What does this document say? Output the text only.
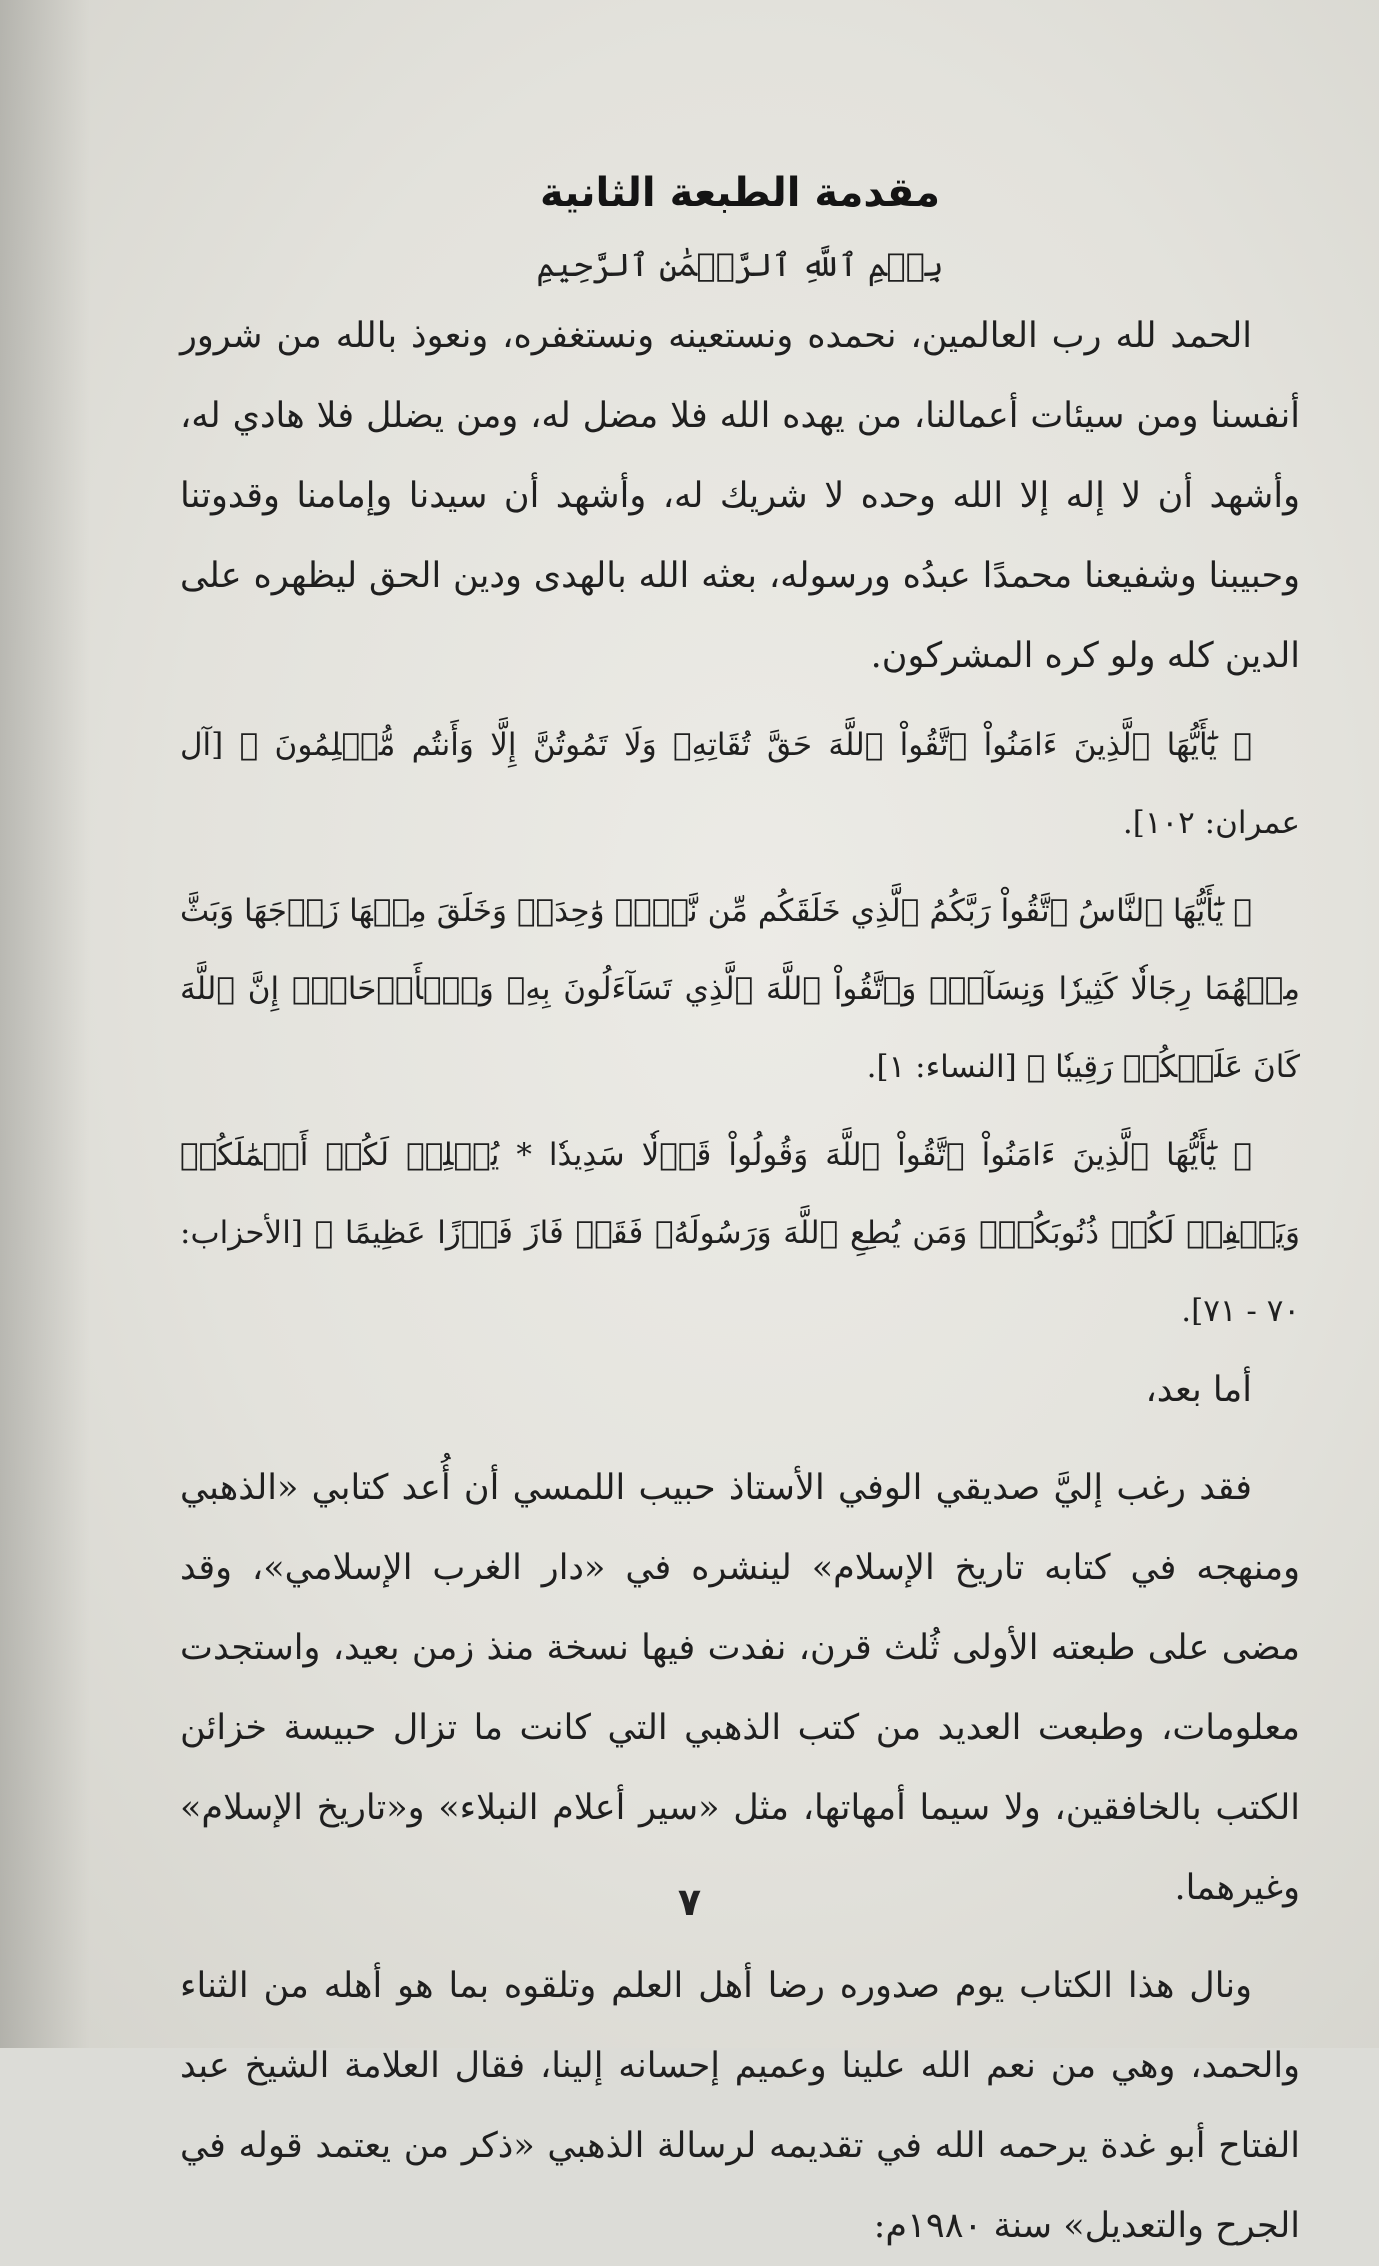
مقدمة الطبعة الثانية
بِسۡمِ ٱللَّهِ ٱلرَّحۡمَٰنِ ٱلرَّحِيمِ

الحمد لله رب العالمين، نحمده ونستعينه ونستغفره، ونعوذ بالله من شرور أنفسنا ومن سيئات أعمالنا، من يهده الله فلا مضل له، ومن يضلل فلا هادي له، وأشهد أن لا إله إلا الله وحده لا شريك له، وأشهد أن سيدنا وإمامنا وقدوتنا وحبيبنا وشفيعنا محمدًا عبدُه ورسوله، بعثه الله بالهدى ودين الحق ليظهره على الدين كله ولو كره المشركون.

﴿ يَٰٓأَيُّهَا ٱلَّذِينَ ءَامَنُواْ ٱتَّقُواْ ٱللَّهَ حَقَّ تُقَاتِهِۦ وَلَا تَمُوتُنَّ إِلَّا وَأَنتُم مُّسۡلِمُونَ ﴾ [آل عمران: ١٠٢].

﴿ يَٰٓأَيُّهَا ٱلنَّاسُ ٱتَّقُواْ رَبَّكُمُ ٱلَّذِي خَلَقَكُم مِّن نَّفۡسٖ وَٰحِدَةٖ وَخَلَقَ مِنۡهَا زَوۡجَهَا وَبَثَّ مِنۡهُمَا رِجَالٗا كَثِيرٗا وَنِسَآءٗۚ وَٱتَّقُواْ ٱللَّهَ ٱلَّذِي تَسَآءَلُونَ بِهِۦ وَٱلۡأَرۡحَامَۚ إِنَّ ٱللَّهَ كَانَ عَلَيۡكُمۡ رَقِيبٗا ﴾ [النساء: ١].

﴿ يَٰٓأَيُّهَا ٱلَّذِينَ ءَامَنُواْ ٱتَّقُواْ ٱللَّهَ وَقُولُواْ قَوۡلٗا سَدِيدٗا * يُصۡلِحۡ لَكُمۡ أَعۡمَٰلَكُمۡ وَيَغۡفِرۡ لَكُمۡ ذُنُوبَكُمۡۗ وَمَن يُطِعِ ٱللَّهَ وَرَسُولَهُۥ فَقَدۡ فَازَ فَوۡزًا عَظِيمًا ﴾ [الأحزاب: ٧٠ - ٧١].

أما بعد،

فقد رغب إليَّ صديقي الوفي الأستاذ حبيب اللمسي أن أُعد كتابي «الذهبي ومنهجه في كتابه تاريخ الإسلام» لينشره في «دار الغرب الإسلامي»، وقد مضى على طبعته الأولى ثُلث قرن، نفدت فيها نسخة منذ زمن بعيد، واستجدت معلومات، وطبعت العديد من كتب الذهبي التي كانت ما تزال حبيسة خزائن الكتب بالخافقين، ولا سيما أمهاتها، مثل «سير أعلام النبلاء» و«تاريخ الإسلام» وغيرهما.

ونال هذا الكتاب يوم صدوره رضا أهل العلم وتلقوه بما هو أهله من الثناء والحمد، وهي من نعم الله علينا وعميم إحسانه إلينا، فقال العلامة الشيخ عبد الفتاح أبو غدة يرحمه الله في تقديمه لرسالة الذهبي «ذكر من يعتمد قوله في الجرح والتعديل» سنة ١٩٨٠م:

٧
